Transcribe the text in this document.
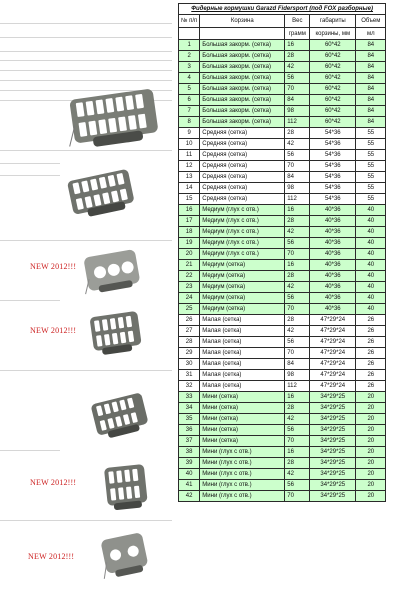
NEW 2012!!!
NEW 2012!!!
NEW 2012!!!
NEW 2012!!!
Фидерные кормушки Garazd Fidersport (под FOX разборные)				
№ п/п	Корзина	Вес	габариты	Объем
		грамм	корзины, мм	мл
1	Большая закорм. (сетка)	16	60*42	84
2	Большая закорм. (сетка)	28	60*42	84
3	Большая закорм. (сетка)	42	60*42	84
4	Большая закорм. (сетка)	56	60*42	84
5	Большая закорм. (сетка)	70	60*42	84
6	Большая закорм. (сетка)	84	60*42	84
7	Большая закорм. (сетка)	98	60*42	84
8	Большая закорм. (сетка)	112	60*42	84
9	Средняя (сетка)	28	54*36	55
10	Средняя (сетка)	42	54*36	55
11	Средняя (сетка)	56	54*36	55
12	Средняя (сетка)	70	54*36	55
13	Средняя (сетка)	84	54*36	55
14	Средняя (сетка)	98	54*36	55
15	Средняя (сетка)	112	54*36	55
16	Медиум (глух с отв.)	16	40*36	40
17	Медиум (глух с отв.)	28	40*36	40
18	Медиум (глух с отв.)	42	40*36	40
19	Медиум (глух с отв.)	56	40*36	40
20	Медиум (глух с отв.)	70	40*36	40
21	Медиум (сетка)	16	40*36	40
22	Медиум (сетка)	28	40*36	40
23	Медиум (сетка)	42	40*36	40
24	Медиум (сетка)	56	40*36	40
25	Медиум (сетка)	70	40*36	40
26	Малая (сетка)	28	47*29*24	26
27	Малая (сетка)	42	47*29*24	26
28	Малая (сетка)	56	47*29*24	26
29	Малая (сетка)	70	47*29*24	26
30	Малая (сетка)	84	47*29*24	26
31	Малая (сетка)	98	47*29*24	26
32	Малая (сетка)	112	47*29*24	26
33	Мини (сетка)	16	34*29*25	20
34	Мини (сетка)	28	34*29*25	20
35	Мини (сетка)	42	34*29*25	20
36	Мини (сетка)	56	34*29*25	20
37	Мини (сетка)	70	34*29*25	20
38	Мини (глух с отв.)	16	34*29*25	20
39	Мини (глух с отв.)	28	34*29*25	20
40	Мини (глух с отв.)	42	34*29*25	20
41	Мини (глух с отв.)	56	34*29*25	20
42	Мини (глух с отв.)	70	34*29*25	20
